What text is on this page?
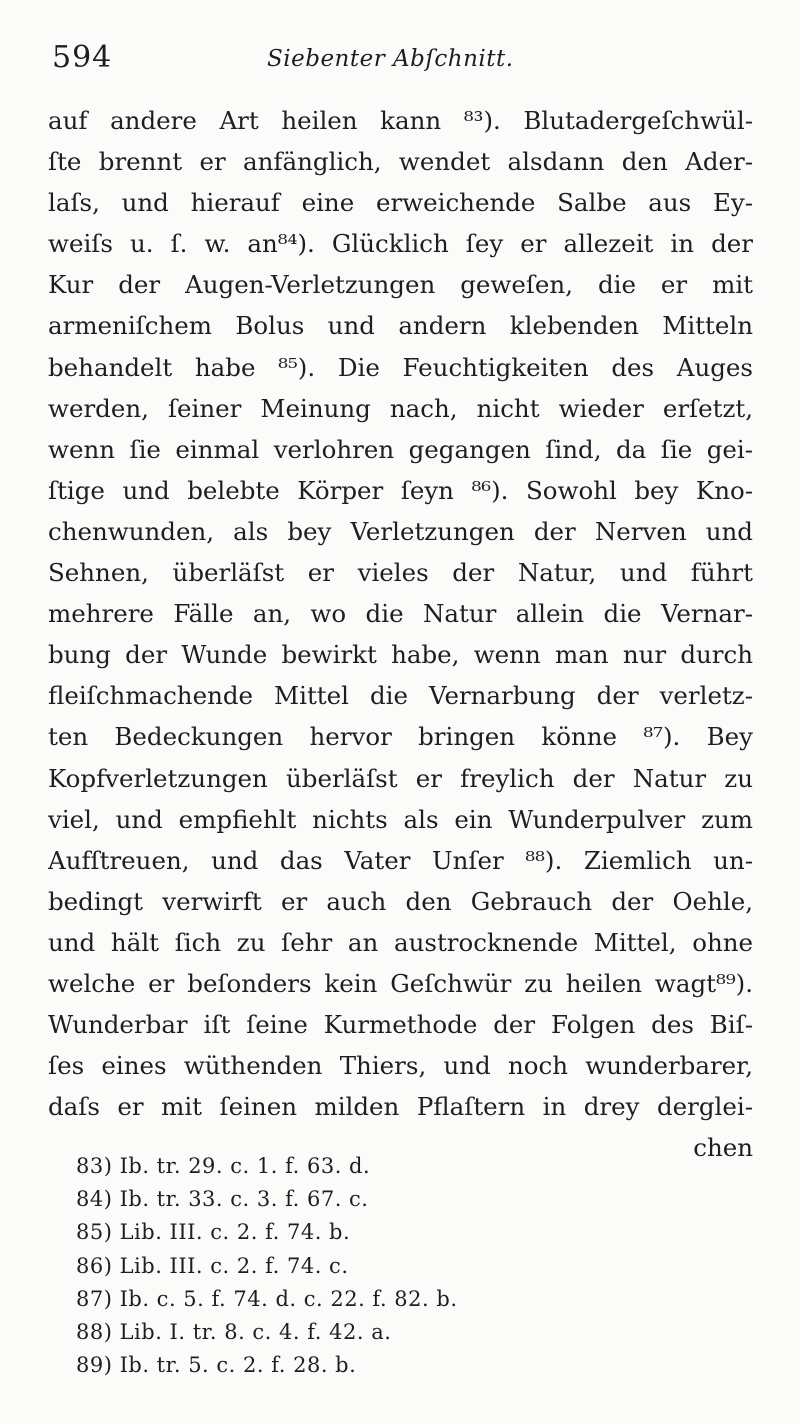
594	Siebenter Abſchnitt.
auf andere Art heilen kann ⁸³). Blutadergeſchwül-
ſte brennt er anfänglich, wendet alsdann den Ader-
laſs, und hierauf eine erweichende Salbe aus Ey-
weiſs u. ſ. w. an⁸⁴). Glücklich ſey er allezeit in der
Kur der Augen-Verletzungen geweſen, die er mit
armeniſchem Bolus und andern klebenden Mitteln
behandelt habe ⁸⁵). Die Feuchtigkeiten des Auges
werden, ſeiner Meinung nach, nicht wieder erſetzt,
wenn ſie einmal verlohren gegangen ſind, da ſie gei-
ſtige und belebte Körper ſeyn ⁸⁶). Sowohl bey Kno-
chenwunden, als bey Verletzungen der Nerven und
Sehnen, überläſst er vieles der Natur, und führt
mehrere Fälle an, wo die Natur allein die Vernar-
bung der Wunde bewirkt habe, wenn man nur durch
fleiſchmachende Mittel die Vernarbung der verletz-
ten Bedeckungen hervor bringen könne ⁸⁷). Bey
Kopfverletzungen überläſst er freylich der Natur zu
viel, und empfiehlt nichts als ein Wunderpulver zum
Aufſtreuen, und das Vater Unſer ⁸⁸). Ziemlich un-
bedingt verwirft er auch den Gebrauch der Oehle,
und hält ſich zu ſehr an austrocknende Mittel, ohne
welche er beſonders kein Geſchwür zu heilen wagt⁸⁹).
Wunderbar iſt ſeine Kurmethode der Folgen des Biſ-
ſes eines wüthenden Thiers, und noch wunderbarer,
daſs er mit ſeinen milden Pflaſtern in drey derglei-
chen
83) Ib. tr. 29. c. 1. f. 63. d.
84) Ib. tr. 33. c. 3. f. 67. c.
85) Lib. III. c. 2. f. 74. b.
86) Lib. III. c. 2. f. 74. c.
87) Ib. c. 5. f. 74. d. c. 22. f. 82. b.
88) Lib. I. tr. 8. c. 4. f. 42. a.
89) Ib. tr. 5. c. 2. f. 28. b.
